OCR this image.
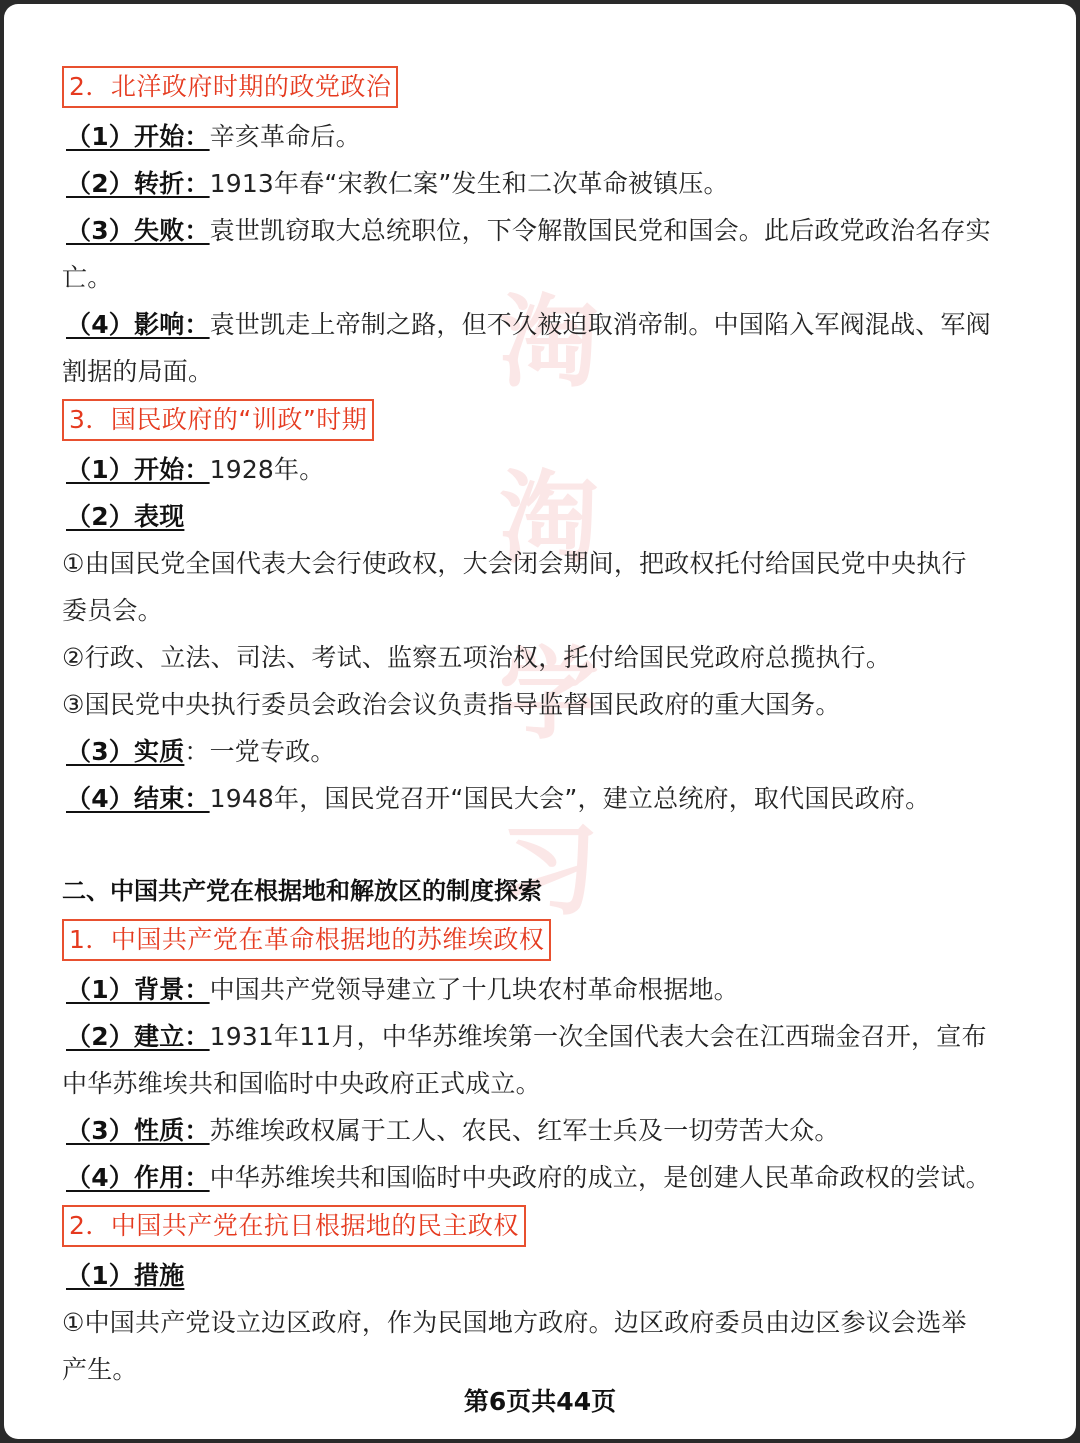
淘
淘
学
习
2．北洋政府时期的政党政治
（1）开始：辛亥革命后。
（2）转折：1913年春“宋教仁案”发生和二次革命被镇压。
（3）失败：袁世凯窃取大总统职位，下令解散国民党和国会。此后政党政治名存实
亡。
（4）影响：袁世凯走上帝制之路，但不久被迫取消帝制。中国陷入军阀混战、军阀
割据的局面。
3．国民政府的“训政”时期
（1）开始：1928年。
（2）表现
①由国民党全国代表大会行使政权，大会闭会期间，把政权托付给国民党中央执行
委员会。
②行政、立法、司法、考试、监察五项治权，托付给国民党政府总揽执行。
③国民党中央执行委员会政治会议负责指导监督国民政府的重大国务。
（3）实质：一党专政。
（4）结束：1948年，国民党召开“国民大会”，建立总统府，取代国民政府。
二、中国共产党在根据地和解放区的制度探索
1．中国共产党在革命根据地的苏维埃政权
（1）背景：中国共产党领导建立了十几块农村革命根据地。
（2）建立：1931年11月，中华苏维埃第一次全国代表大会在江西瑞金召开，宣布
中华苏维埃共和国临时中央政府正式成立。
（3）性质：苏维埃政权属于工人、农民、红军士兵及一切劳苦大众。
（4）作用：中华苏维埃共和国临时中央政府的成立，是创建人民革命政权的尝试。
2．中国共产党在抗日根据地的民主政权
（1）措施
①中国共产党设立边区政府，作为民国地方政府。边区政府委员由边区参议会选举
产生。
第6页共44页
